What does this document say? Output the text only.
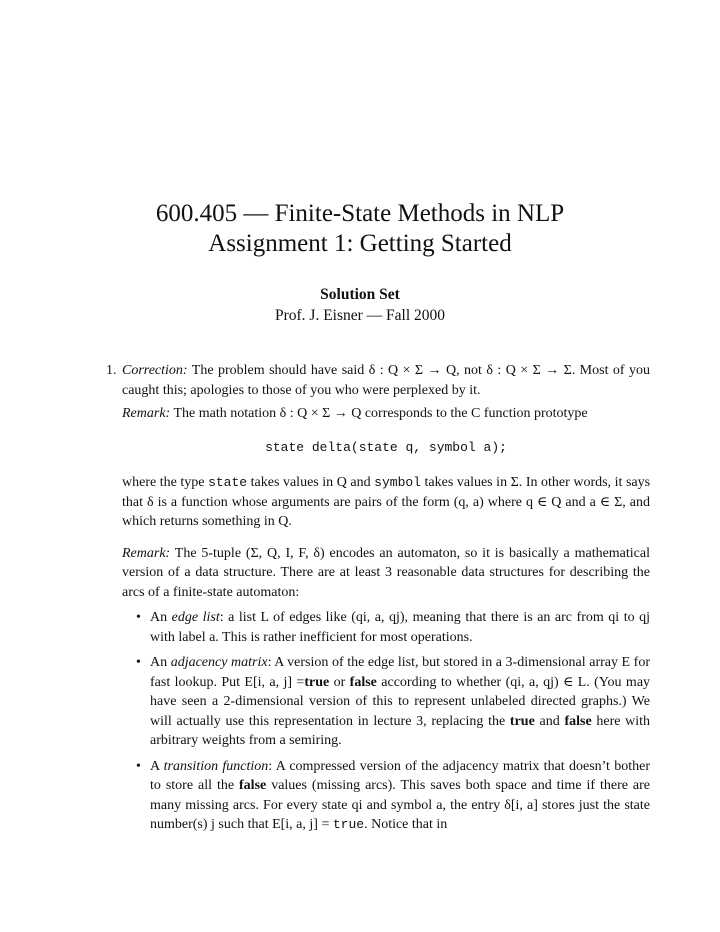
600.405 — Finite-State Methods in NLP
Assignment 1: Getting Started
Solution Set
Prof. J. Eisner — Fall 2000
1. Correction: The problem should have said δ : Q × Σ → Q, not δ : Q × Σ → Σ. Most of you caught this; apologies to those of you who were perplexed by it.

Remark: The math notation δ : Q × Σ → Q corresponds to the C function prototype

state delta(state q, symbol a);

where the type state takes values in Q and symbol takes values in Σ. In other words, it says that δ is a function whose arguments are pairs of the form (q, a) where q ∈ Q and a ∈ Σ, and which returns something in Q.

Remark: The 5-tuple (Σ, Q, I, F, δ) encodes an automaton, so it is basically a mathematical version of a data structure. There are at least 3 reasonable data structures for describing the arcs of a finite-state automaton:

• An edge list: a list L of edges like (qi, a, qj), meaning that there is an arc from qi to qj with label a. This is rather inefficient for most operations.
• An adjacency matrix: A version of the edge list, but stored in a 3-dimensional array E for fast lookup. Put E[i, a, j] =true or false according to whether (qi, a, qj) ∈ L. (You may have seen a 2-dimensional version of this to represent unlabeled directed graphs.) We will actually use this representation in lecture 3, replacing the true and false here with arbitrary weights from a semiring.
• A transition function: A compressed version of the adjacency matrix that doesn’t bother to store all the false values (missing arcs). This saves both space and time if there are many missing arcs. For every state qi and symbol a, the entry δ[i, a] stores just the state number(s) j such that E[i, a, j] = true. Notice that in
